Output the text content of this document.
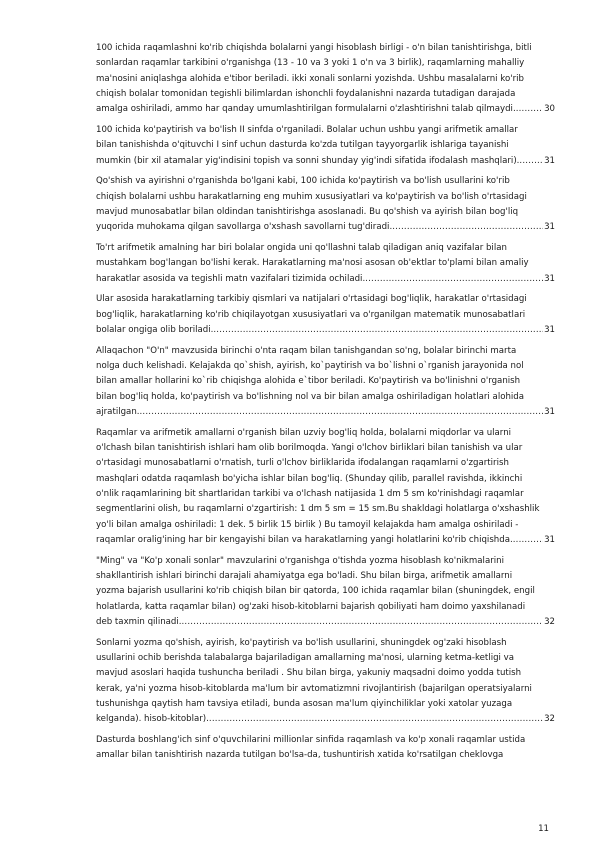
100 ichida raqamlashni ko'rib chiqishda bolalarni yangi hisoblash birligi - o'n bilan tanishtirishga, bitli
sonlardan raqamlar tarkibini o'rganishga (13 - 10 va 3 yoki 1 o'n va 3 birlik), raqamlarning mahalliy
ma'nosini aniqlashga alohida e'tibor beriladi. ikki xonali sonlarni yozishda. Ushbu masalalarni ko'rib
chiqish bolalar tomonidan tegishli bilimlardan ishonchli foydalanishni nazarda tutadigan darajada
amalga oshiriladi, ammo har qanday umumlashtirilgan formulalarni o'zlashtirishni talab qilmaydi. .....	30
100 ichida ko'paytirish va bo'lish II sinfda o'rganiladi. Bolalar uchun ushbu yangi arifmetik amallar
bilan tanishishda o'qituvchi I sinf uchun dasturda ko'zda tutilgan tayyorgarlik ishlariga tayanishi
mumkin (bir xil atamalar yig'indisini topish va sonni shunday yig'indi sifatida ifodalash mashqlari). .....	31
Qo'shish va ayirishni o'rganishda bo'lgani kabi, 100 ichida ko'paytirish va bo'lish usullarini ko'rib
chiqish bolalarni ushbu harakatlarning eng muhim xususiyatlari va ko'paytirish va bo'lish o'rtasidagi
mavjud munosabatlar bilan oldindan tanishtirishga asoslanadi. Bu qo'shish va ayirish bilan bog'liq
yuqorida muhokama qilgan savollarga o'xshash savollarni tug'diradi. .....	31
To'rt arifmetik amalning har biri bolalar ongida uni qo'llashni talab qiladigan aniq vazifalar bilan
mustahkam bog'langan bo'lishi kerak. Harakatlarning ma'nosi asosan ob'ektlar to'plami bilan amaliy
harakatlar asosida va tegishli matn vazifalari tizimida ochiladi. .....	31
Ular asosida harakatlarning tarkibiy qismlari va natijalari o'rtasidagi bog'liqlik, harakatlar o'rtasidagi
bog'liqlik, harakatlarning ko'rib chiqilayotgan xususiyatlari va o'rganilgan matematik munosabatlari
bolalar ongiga olib boriladi. .....	31
Allaqachon "O'n" mavzusida birinchi o'nta raqam bilan tanishgandan so'ng, bolalar birinchi marta
nolga duch kelishadi. Kelajakda qo`shish, ayirish, ko`paytirish va bo`lishni o`rganish jarayonida nol
bilan amallar hollarini ko`rib chiqishga alohida e`tibor beriladi. Ko'paytirish va bo'linishni o'rganish
bilan bog'liq holda, ko'paytirish va bo'lishning nol va bir bilan amalga oshiriladigan holatlari alohida
ajratilgan. .....	31
Raqamlar va arifmetik amallarni o'rganish bilan uzviy bog'liq holda, bolalarni miqdorlar va ularni
o'lchash bilan tanishtirish ishlari ham olib borilmoqda. Yangi o'lchov birliklari bilan tanishish va ular
o'rtasidagi munosabatlarni o'rnatish, turli o'lchov birliklarida ifodalangan raqamlarni o'zgartirish
mashqlari odatda raqamlash bo'yicha ishlar bilan bog'liq. (Shunday qilib, parallel ravishda, ikkinchi
o'nlik raqamlarining bit shartlaridan tarkibi va o'lchash natijasida 1 dm 5 sm ko'rinishdagi raqamlar
segmentlarini olish, bu raqamlarni o'zgartirish: 1 dm 5 sm = 15 sm.Bu shakldagi holatlarga o'xshashlik
yo'li bilan amalga oshiriladi: 1 dek. 5 birlik 15 birlik ) Bu tamoyil kelajakda ham amalga oshiriladi -
raqamlar oralig'ining har bir kengayishi bilan va harakatlarning yangi holatlarini ko'rib chiqishda. .....	31
"Ming" va "Ko'p xonali sonlar" mavzularini o'rganishga o'tishda yozma hisoblash ko'nikmalarini
shakllantirish ishlari birinchi darajali ahamiyatga ega bo'ladi. Shu bilan birga, arifmetik amallarni
yozma bajarish usullarini ko'rib chiqish bilan bir qatorda, 100 ichida raqamlar bilan (shuningdek, engil
holatlarda, katta raqamlar bilan) og'zaki hisob-kitoblarni bajarish qobiliyati ham doimo yaxshilanadi
deb taxmin qilinadi. .....	32
Sonlarni yozma qo'shish, ayirish, ko'paytirish va bo'lish usullarini, shuningdek og'zaki hisoblash
usullarini ochib berishda talabalarga bajariladigan amallarning ma'nosi, ularning ketma-ketligi va
mavjud asoslari haqida tushuncha beriladi . Shu bilan birga, yakuniy maqsadni doimo yodda tutish
kerak, ya'ni yozma hisob-kitoblarda ma'lum bir avtomatizmni rivojlantirish (bajarilgan operatsiyalarni
tushunishga qaytish ham tavsiya etiladi, bunda asosan ma'lum qiyinchiliklar yoki xatolar yuzaga
kelganda). hisob-kitoblar). .....	32
Dasturda boshlang'ich sinf o'quvchilarini millionlar sinfida raqamlash va ko'p xonali raqamlar ustida
amallar bilan tanishtirish nazarda tutilgan bo'lsa-da, tushuntirish xatida ko'rsatilgan cheklovga
11
